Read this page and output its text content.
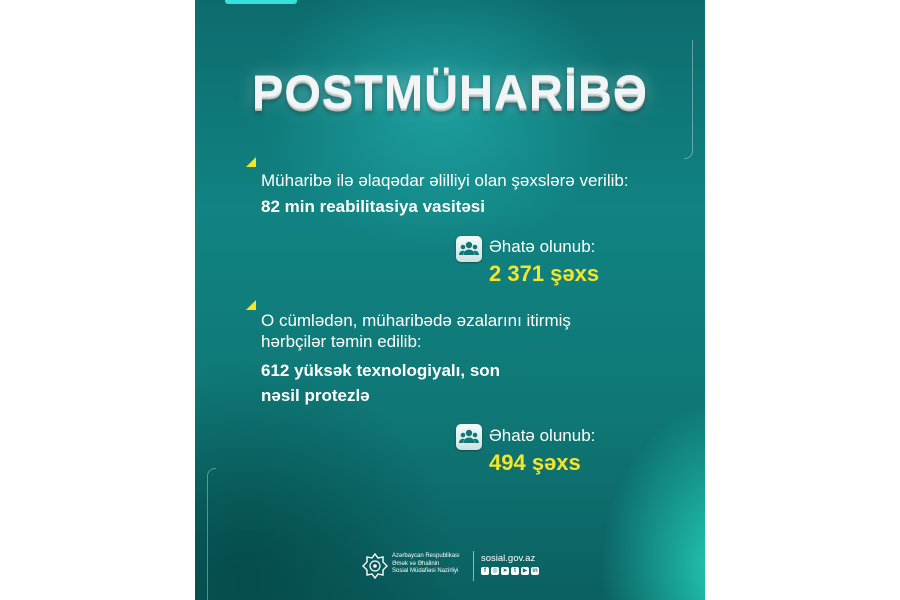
POSTMÜHARİBƏ
Müharibə ilə əlaqədar əlilliyi olan şəxslərə verilib:
82 min reabilitasiya vasitəsi
Əhatə olunub:
2 371 şəxs
O cümlədən, müharibədə əzalarını itirmiş
hərbçilər təmin edilib:
612 yüksək texnologiyalı, son
nəsil protezlə
Əhatə olunub:
494 şəxs
Azərbaycan Respublikası
Əmək və Əhalinin
Sosial Müdafiəsi Nazirliyi
sosial.gov.az
f	◎ ➤	t	▶ in
